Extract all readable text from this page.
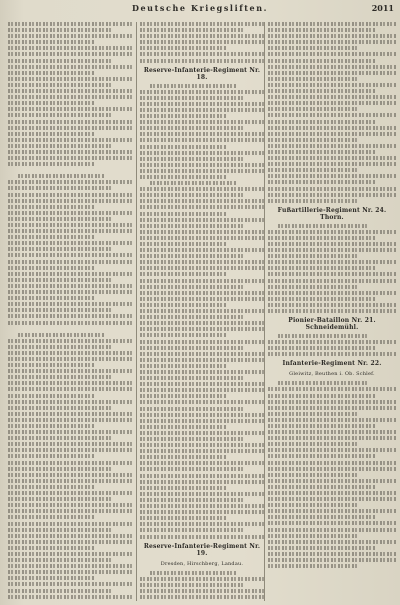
Deutsche Kriegsliften.	2011
Reserve-Infanterie-Regiment Nr. 18.
Reserve-Infanterie-Regiment Nr. 19.
Dresden, Hirschberg, Landau.
Fußartillerie-Regiment Nr. 24. Thorn.
Pionier-Bataillon Nr. 21. Schneidemühl.
Infanterie-Regiment Nr. 22.
Gleiwitz, Beuthen i. Ob. Schlef.
